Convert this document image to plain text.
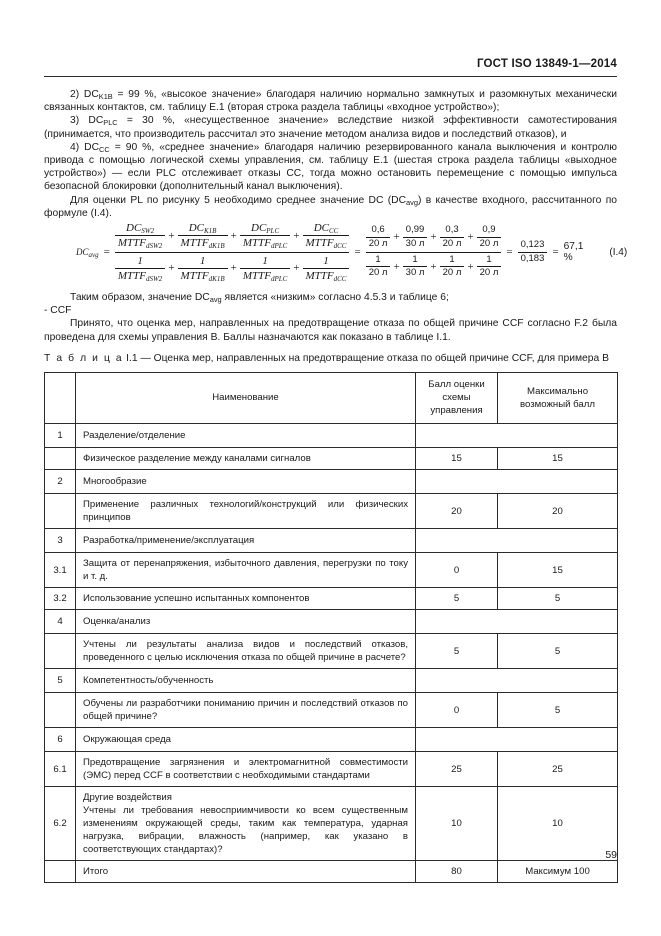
ГОСТ ISO 13849-1—2014

2) $DC_{K1B} = 99$ %, «высокое значение» благодаря наличию нормально замкнутых и разомкнутых механически связанных контактов, см. таблицу Е.1 (вторая строка раздела таблицы «входное устройство»);

3) $DC_{PLC} = 30$ %, «несущественное значение» вследствие низкой эффективности самотестирования (принимается, что производитель рассчитал это значение методом анализа видов и последствий отказов), и

4) $DC_{CC} = 90$ %, «среднее значение» благодаря наличию резервированного канала выключения и контролю привода с помощью логической схемы управления, см. таблицу Е.1 (шестая строка раздела таблицы «выходное устройство») — если PLC отслеживает отказы СС, тогда можно остановить перемещение с помощью импульса безопасной блокировки (дополнительный канал выключения).

Для оценки PL по рисунку 5 необходимо среднее значение DC $(DC_{avg})$ в качестве входного, рассчитанного по формуле (I.4).

$DC_{avg}$ =
$\frac{\text{DCSW2}}{\text{MTTFdSW2}} + \frac{\text{DCK1B}}{\text{MTTFdK1B}} + \frac{\text{DCPLC}}{\text{MTTFdPLC}} + \frac{\text{DCCC}}{\text{MTTFdCC}}$
$\frac{1}{\text{MTTFdSW2}} + \frac{1}{\text{MTTFdK1B}} + \frac{1}{\text{MTTFdPLC}} + \frac{1}{\text{MTTFdCC}}$
=
$\frac{0,6}{20 л} + \frac{0,99}{30 л} + \frac{0,3}{20 л} + \frac{0,9}{20 л}$
$\frac{1}{20 л} + \frac{1}{30 л} + \frac{1}{20 л} + \frac{1}{20 л}$
= $\frac{0,123}{0,183} = 67,1$ %	(I.4)

Таким образом, значение $DC_{avg}$ является «низким» согласно 4.5.3 и таблице 6;

- CCF

Принято, что оценка мер, направленных на предотвращение отказа по общей причине CCF согласно F.2 была проведена для схемы управления В. Баллы назначаются как показано в таблице I.1.

Т а б л и ц а I.1 — Оценка мер, направленных на предотвращение отказа по общей причине CCF, для примера В
	Наименование	Балл оценки
схемы управления	Максимально
возможный балл
1	Разделение/отделение		
	Физическое разделение между каналами сигналов	15	15
2	Многообразие		
	Применение различных технологий/конструкций или физических принципов	20	20
3	Разработка/применение/эксплуатация		
3.1	Защита от перенапряжения, избыточного давления, перегрузки по току и т. д.	0	15
3.2	Использование успешно испытанных компонентов	5	5
4	Оценка/анализ		
	Учтены ли результаты анализа видов и последствий отказов, проведенного с целью исключения отказа по общей причине в расчете?	5	5
5	Компетентность/обученность		
	Обучены ли разработчики пониманию причин и последствий отказов по общей причине?	0	5
6	Окружающая среда		
6.1	Предотвращение загрязнения и электромагнитной совместимости (ЭМС) перед CCF в соответствии с необходимыми стандартами	25	25
6.2	Другие воздействия
Учтены ли требования невосприимчивости ко всем существенным изменениям окружающей среды, таким как температура, ударная нагрузка, вибрации, влажность (например, как указано в соответствующих стандартах)?	10	10
	Итого	80	Максимум 100
59
